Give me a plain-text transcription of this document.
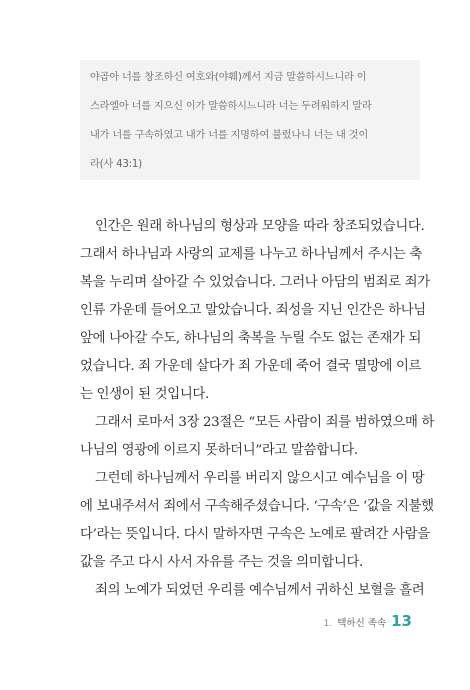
야곱아 너를 창조하신 여호와(야훼)께서 지금 말씀하시느니라 이
스라엘아 너를 지으신 이가 말씀하시느니라 너는 두려워하지 말라
내가 너를 구속하였고 내가 너를 지명하여 불렀나니 너는 내 것이
라(사 43:1)
인간은 원래 하나님의 형상과 모양을 따라 창조되었습니다.
그래서 하나님과 사랑의 교제를 나누고 하나님께서 주시는 축
복을 누리며 살아갈 수 있었습니다. 그러나 아담의 범죄로 죄가
인류 가운데 들어오고 말았습니다. 죄성을 지닌 인간은 하나님
앞에 나아갈 수도, 하나님의 축복을 누릴 수도 없는 존재가 되
었습니다. 죄 가운데 살다가 죄 가운데 죽어 결국 멸망에 이르
는 인생이 된 것입니다.
그래서 로마서 3장 23절은 “모든 사람이 죄를 범하였으매 하
나님의 영광에 이르지 못하더니”라고 말씀합니다.
그런데 하나님께서 우리를 버리지 않으시고 예수님을 이 땅
에 보내주셔서 죄에서 구속해주셨습니다. ‘구속’은 ‘값을 지불했
다’라는 뜻입니다. 다시 말하자면 구속은 노예로 팔려간 사람을
값을 주고 다시 사서 자유를 주는 것을 의미합니다.
죄의 노예가 되었던 우리를 예수님께서 귀하신 보혈을 흘려
1. 택하신 족속 13
